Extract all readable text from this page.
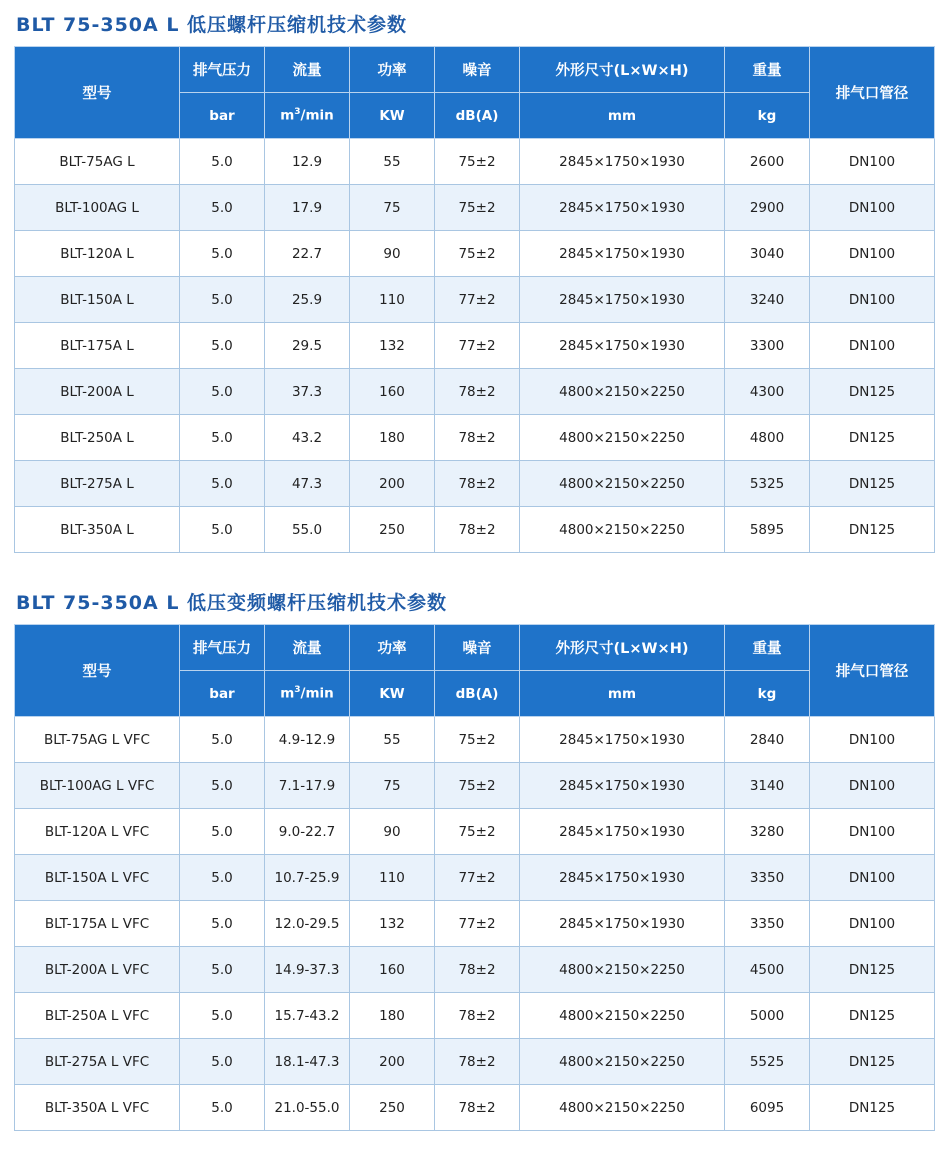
BLT 75-350A L 低压螺杆压缩机技术参数
型号	排气压力	流量	功率	噪音	外形尺寸(L×W×H)	重量	排气口管径
	bar	$m^3/\min$	KW	dB(A)	mm	kg	
BLT-75AG L	5.0	12.9	55	75±2	2845×1750×1930	2600	DN100
BLT-100AG L	5.0	17.9	75	75±2	2845×1750×1930	2900	DN100
BLT-120A L	5.0	22.7	90	75±2	2845×1750×1930	3040	DN100
BLT-150A L	5.0	25.9	110	77±2	2845×1750×1930	3240	DN100
BLT-175A L	5.0	29.5	132	77±2	2845×1750×1930	3300	DN100
BLT-200A L	5.0	37.3	160	78±2	4800×2150×2250	4300	DN125
BLT-250A L	5.0	43.2	180	78±2	4800×2150×2250	4800	DN125
BLT-275A L	5.0	47.3	200	78±2	4800×2150×2250	5325	DN125
BLT-350A L	5.0	55.0	250	78±2	4800×2150×2250	5895	DN125
BLT 75-350A L 低压变频螺杆压缩机技术参数
型号	排气压力	流量	功率	噪音	外形尺寸(L×W×H)	重量	排气口管径
	bar	$m^3/\min$	KW	dB(A)	mm	kg	
BLT-75AG L VFC	5.0	4.9-12.9	55	75±2	2845×1750×1930	2840	DN100
BLT-100AG L VFC	5.0	7.1-17.9	75	75±2	2845×1750×1930	3140	DN100
BLT-120A L VFC	5.0	9.0-22.7	90	75±2	2845×1750×1930	3280	DN100
BLT-150A L VFC	5.0	10.7-25.9	110	77±2	2845×1750×1930	3350	DN100
BLT-175A L VFC	5.0	12.0-29.5	132	77±2	2845×1750×1930	3350	DN100
BLT-200A L VFC	5.0	14.9-37.3	160	78±2	4800×2150×2250	4500	DN125
BLT-250A L VFC	5.0	15.7-43.2	180	78±2	4800×2150×2250	5000	DN125
BLT-275A L VFC	5.0	18.1-47.3	200	78±2	4800×2150×2250	5525	DN125
BLT-350A L VFC	5.0	21.0-55.0	250	78±2	4800×2150×2250	6095	DN125
